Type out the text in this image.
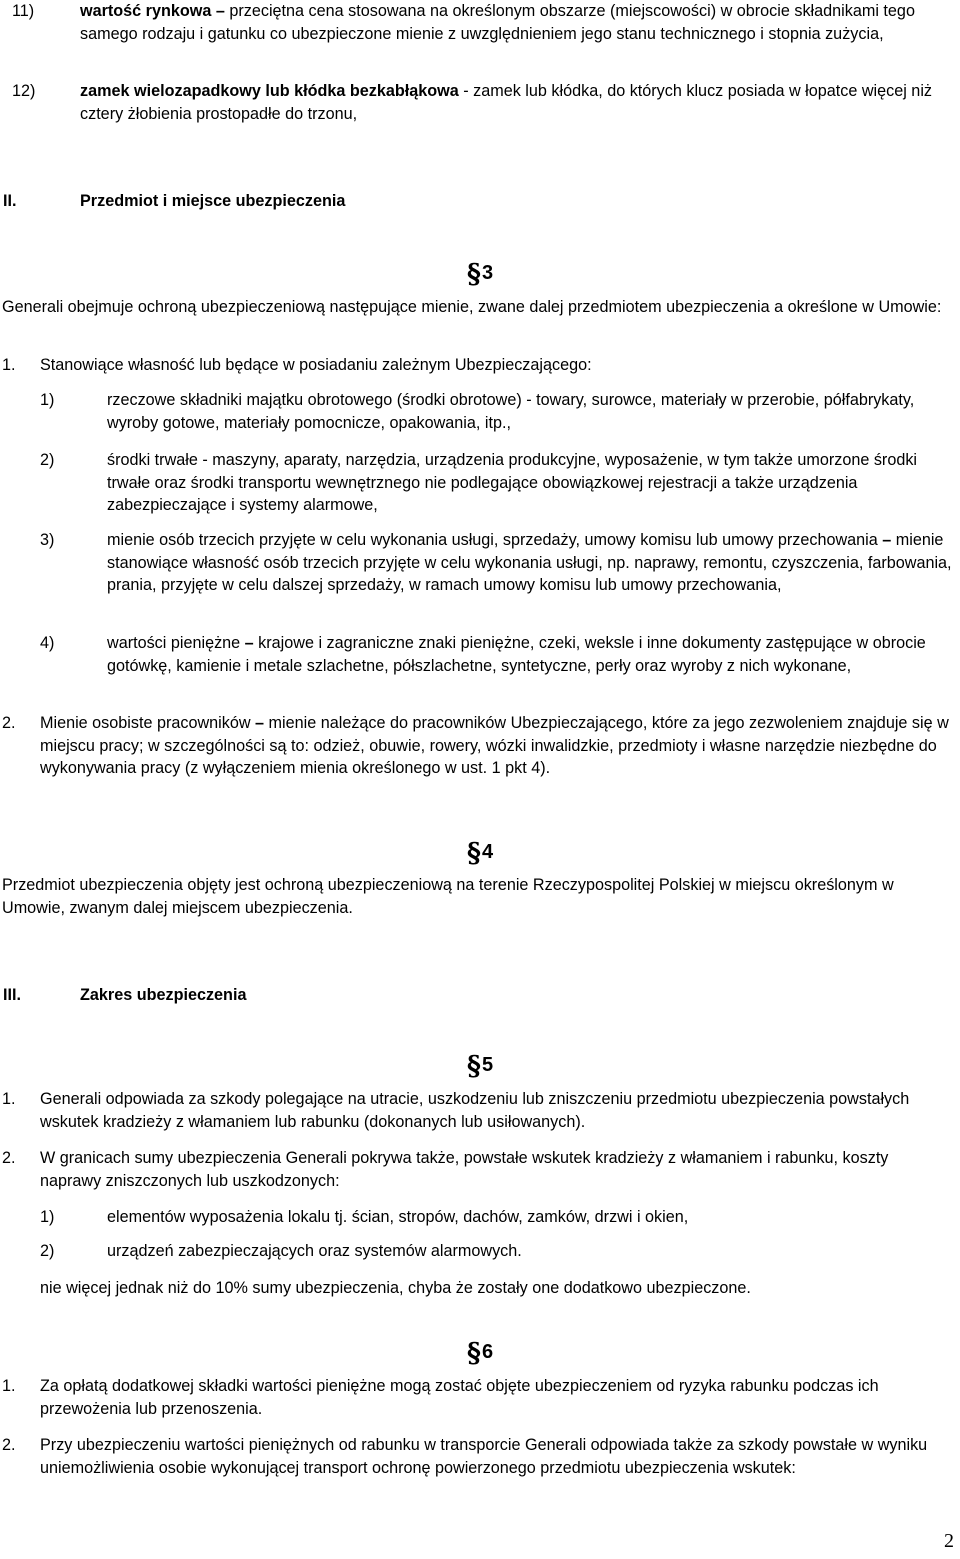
11)	wartość rynkowa – przeciętna cena stosowana na określonym obszarze (miejscowości) w obrocie składnikami tego samego rodzaju i gatunku co ubezpieczone mienie z uwzględnieniem jego stanu technicznego i stopnia zużycia,
12)	zamek wielozapadkowy lub kłódka bezkabłąkowa - zamek lub kłódka, do których klucz posiada w łopatce więcej niż cztery żłobienia prostopadłe do trzonu,
II.	Przedmiot i miejsce ubezpieczenia
§3
Generali obejmuje ochroną ubezpieczeniową następujące mienie, zwane dalej przedmiotem ubezpieczenia a określone w Umowie:
1. Stanowiące własność lub będące w posiadaniu zależnym Ubezpieczającego:
1)	rzeczowe składniki majątku obrotowego (środki obrotowe) - towary, surowce, materiały w przerobie, półfabrykaty, wyroby gotowe, materiały pomocnicze, opakowania, itp.,
2)	środki trwałe - maszyny, aparaty, narzędzia, urządzenia produkcyjne, wyposażenie, w tym także umorzone środki trwałe oraz środki transportu wewnętrznego nie podlegające obowiązkowej rejestracji a także urządzenia zabezpieczające i systemy alarmowe,
3)	mienie osób trzecich przyjęte w celu wykonania usługi, sprzedaży, umowy komisu lub umowy przechowania – mienie stanowiące własność osób trzecich przyjęte w celu wykonania usługi, np. naprawy, remontu, czyszczenia, farbowania, prania, przyjęte w celu dalszej sprzedaży, w ramach umowy komisu lub umowy przechowania,
4)	wartości pieniężne – krajowe i zagraniczne znaki pieniężne, czeki, weksle i inne dokumenty zastępujące w obrocie gotówkę, kamienie i metale szlachetne, półszlachetne, syntetyczne, perły oraz wyroby z nich wykonane,
2. Mienie osobiste pracowników – mienie należące do pracowników Ubezpieczającego, które za jego zezwoleniem znajduje się w miejscu pracy; w szczególności są to: odzież, obuwie, rowery, wózki inwalidzkie, przedmioty i własne narzędzie niezbędne do wykonywania pracy (z wyłączeniem mienia określonego w ust. 1 pkt 4).
§4
Przedmiot ubezpieczenia objęty jest ochroną ubezpieczeniową na terenie Rzeczypospolitej Polskiej w miejscu określonym w Umowie, zwanym dalej miejscem ubezpieczenia.
III.	Zakres ubezpieczenia
§5
1. Generali odpowiada za szkody polegające na utracie, uszkodzeniu lub zniszczeniu przedmiotu ubezpieczenia powstałych wskutek kradzieży z włamaniem lub rabunku (dokonanych lub usiłowanych).
2. W granicach sumy ubezpieczenia Generali pokrywa także, powstałe wskutek kradzieży z włamaniem i rabunku, koszty naprawy zniszczonych lub uszkodzonych:
1)	elementów wyposażenia lokalu tj. ścian, stropów, dachów, zamków, drzwi i okien,
2)	urządzeń zabezpieczających oraz systemów alarmowych.
nie więcej jednak niż do 10% sumy ubezpieczenia, chyba że zostały one dodatkowo ubezpieczone.
§6
1. Za opłatą dodatkowej składki wartości pieniężne mogą zostać objęte ubezpieczeniem od ryzyka rabunku podczas ich przewożenia lub przenoszenia.
2. Przy ubezpieczeniu wartości pieniężnych od rabunku w transporcie Generali odpowiada także za szkody powstałe w wyniku uniemożliwienia osobie wykonującej transport ochronę powierzonego przedmiotu ubezpieczenia wskutek:
2
